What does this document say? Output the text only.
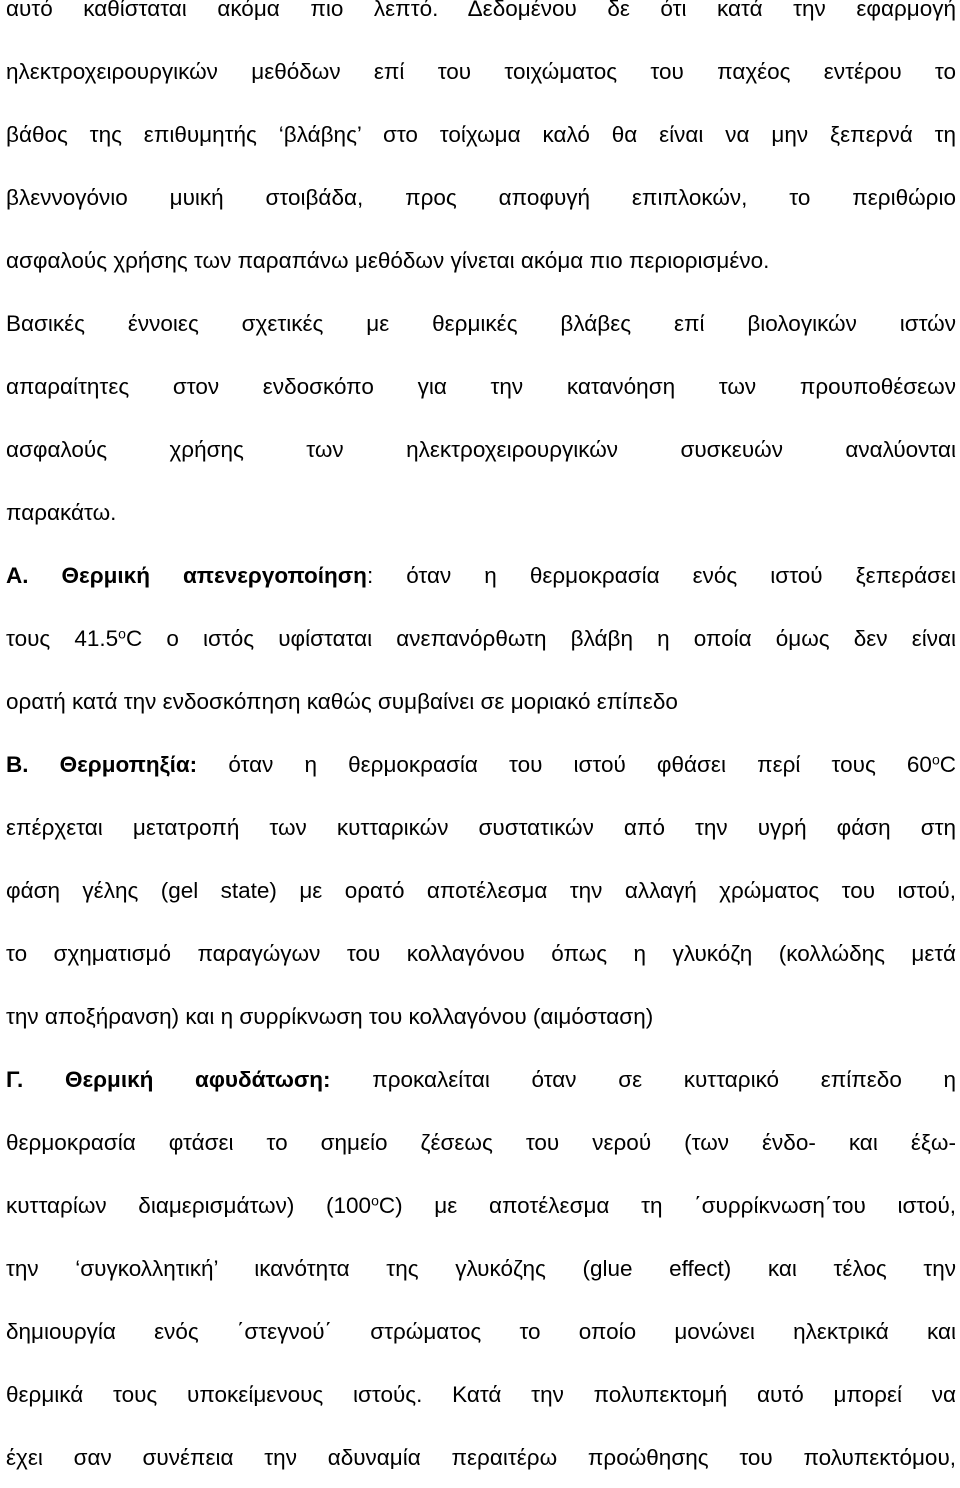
αυτό καθίσταται ακόμα πιο λεπτό. Δεδομένου δε ότι κατά την εφαρμογή
ηλεκτροχειρουργικών μεθόδων επί του τοιχώματος του παχέος εντέρου το
βάθος της επιθυμητής ‘βλάβης’ στο τοίχωμα καλό θα είναι να μην ξεπερνά τη
βλεννογόνιο μυική στοιβάδα, προς αποφυγή επιπλοκών, το περιθώριο
ασφαλούς χρήσης των παραπάνω μεθόδων γίνεται ακόμα πιο περιορισμένο.
Βασικές έννοιες σχετικές με θερμικές βλάβες επί βιολογικών ιστών
απαραίτητες στον ενδοσκόπο για την κατανόηση των προυποθέσεων
ασφαλούς χρήσης των ηλεκτροχειρουργικών συσκευών αναλύονται
παρακάτω.
Α. Θερμική απενεργοποίηση: όταν η θερμοκρασία ενός ιστού ξεπεράσει
τους 41.5$^o$C ο ιστός υφίσταται ανεπανόρθωτη βλάβη η οποία όμως δεν είναι
ορατή κατά την ενδοσκόπηση καθώς συμβαίνει σε μοριακό επίπεδο
Β. Θερμοπηξία: όταν η θερμοκρασία του ιστού φθάσει περί τους 60$^o$C
επέρχεται μετατροπή των κυτταρικών συστατικών από την υγρή φάση στη
φάση γέλης (gel state) με ορατό αποτέλεσμα την αλλαγή χρώματος του ιστού,
το σχηματισμό παραγώγων του κολλαγόνου όπως η γλυκόζη (κολλώδης μετά
την αποξήρανση) και η συρρίκνωση του κολλαγόνου (αιμόσταση)
Γ. Θερμική αφυδάτωση: προκαλείται όταν σε κυτταρικό επίπεδο η
θερμοκρασία φτάσει το σημείο ζέσεως του νερού (των ένδο- και έξω-
κυτταρίων διαμερισμάτων) (100$^o$C) με αποτέλεσμα τη ΄συρρίκνωση΄του ιστού,
την ‘συγκολλητική’ ικανότητα της γλυκόζης (glue effect) και τέλος την
δημιουργία ενός ΄στεγνού΄ στρώματος το οποίο μονώνει ηλεκτρικά και
θερμικά τους υποκείμενους ιστούς. Κατά την πολυπεκτομή αυτό μπορεί να
έχει σαν συνέπεια την αδυναμία περαιτέρω προώθησης του πολυπεκτόμου,
